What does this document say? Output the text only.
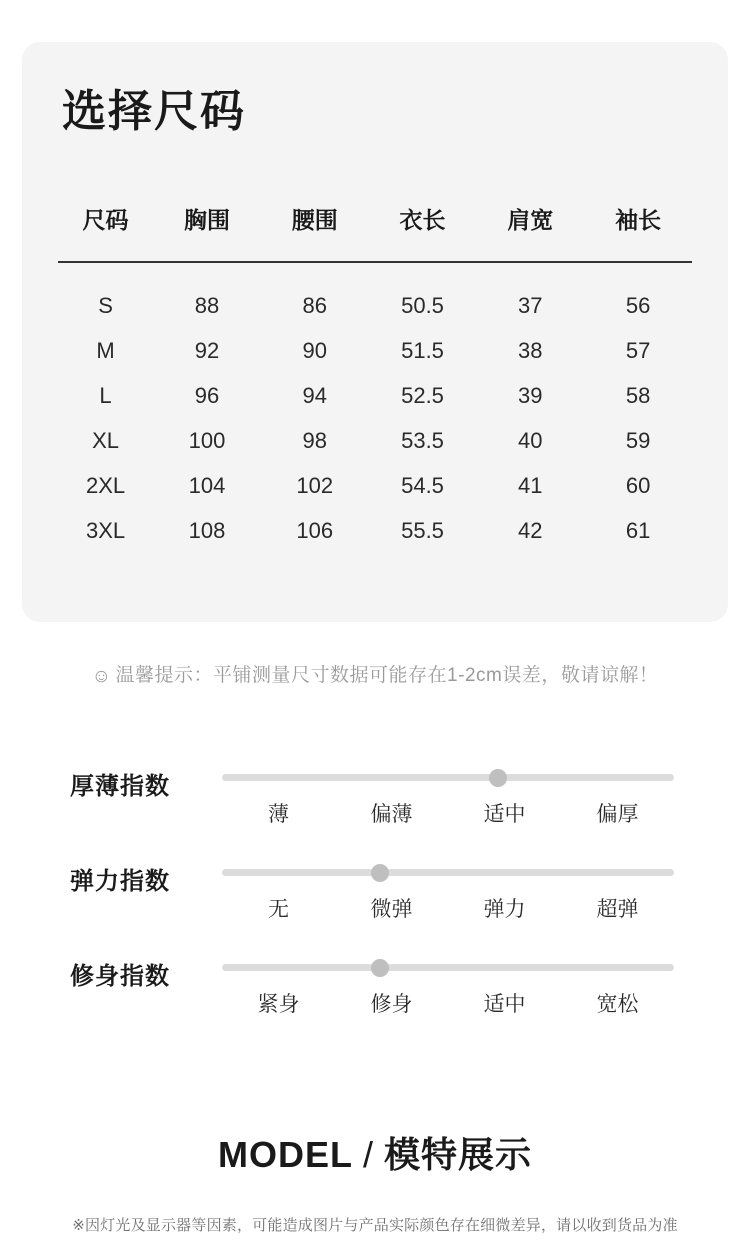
选择尺码
尺码	胸围	腰围	衣长	肩宽	袖长
S	88	86	50.5	37	56
M	92	90	51.5	38	57
L	96	94	52.5	39	58
XL	100	98	53.5	40	59
2XL	104	102	54.5	41	60
3XL	108	106	55.5	42	61
☺ 温馨提示：平铺测量尺寸数据可能存在1-2cm误差，敬请谅解！
厚薄指数
薄	偏薄	适中	偏厚
弹力指数
无	微弹	弹力	超弹
修身指数
紧身	修身	适中	宽松
MODEL / 模特展示
※因灯光及显示器等因素，可能造成图片与产品实际颜色存在细微差异，请以收到货品为准
